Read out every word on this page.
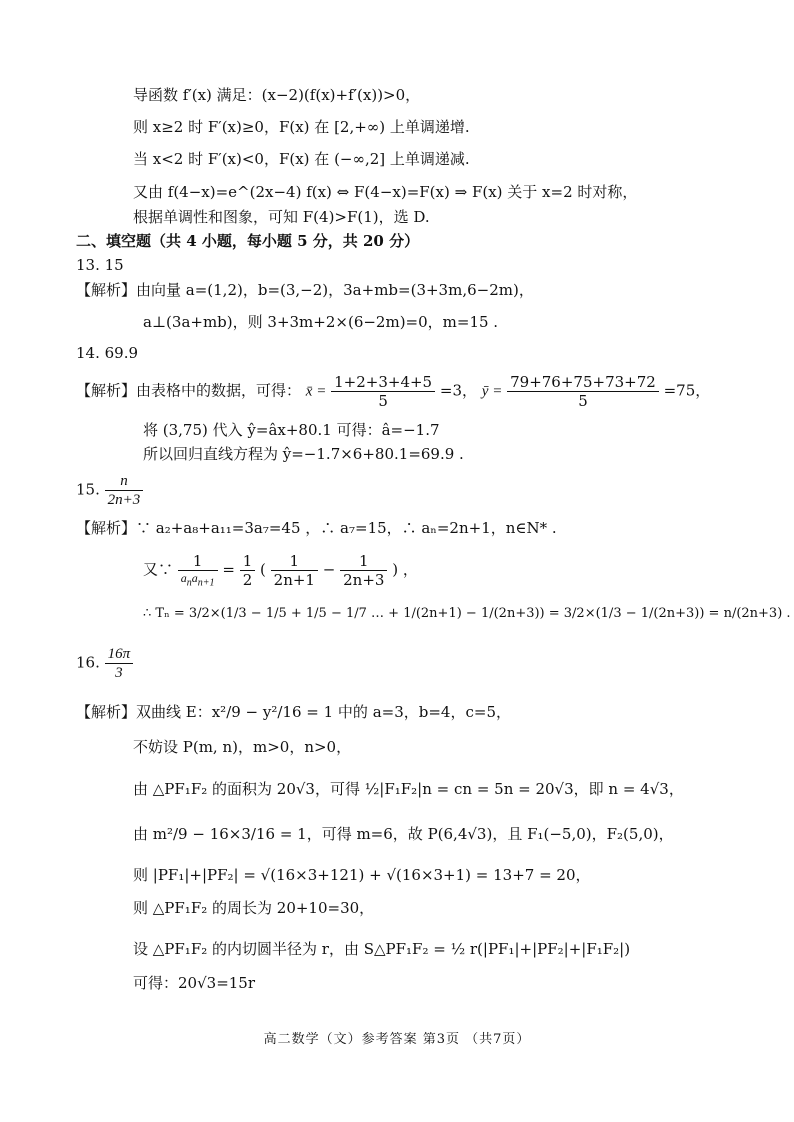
导函数 f′(x) 满足：(x−2)(f(x)+f′(x))>0，
则 x≥2 时 F′(x)≥0，F(x) 在 [2,+∞) 上单调递增.
当 x<2 时 F′(x)<0，F(x) 在 (−∞,2] 上单调递减.
又由 f(4−x)=e^(2x−4) f(x) ⇔ F(4−x)=F(x) ⇒ F(x) 关于 x=2 时对称，
根据单调性和图象，可知 F(4)>F(1)，选 D.
二、填空题（共 4 小题，每小题 5 分，共 20 分）
13. 15
【解析】由向量 a=(1,2)，b=(3,−2)，3a+mb=(3+3m,6−2m)，
a⊥(3a+mb)，则 3+3m+2×(6−2m)=0，m=15 .
14. 69.9
【解析】由表格中的数据，可得： x̄ = $\frac{1+2+3+4+5}{5} =3$， ȳ = $\frac{79+76+75+73+72}{5} =75$，
将 (3,75) 代入 ŷ=âx+80.1 可得：â=−1.7
所以回归直线方程为 ŷ=−1.7×6+80.1=69.9 .
15. $\frac{n}{2n+3}$
【解析】∵ a₂+a₈+a₁₁=3a₇=45 ，∴ a₇=15，∴ aₙ=2n+1，n∈N* .
又∵ $\frac{1}{a_na_{n+1}} = \frac{1}{2}$ ( $\frac{1}{2n+1} - \frac{1}{2n+3}$ ) ，
∴ Tₙ = 3/2×(1/3 − 1/5 + 1/5 − 1/7 … + 1/(2n+1) − 1/(2n+3)) = 3/2×(1/3 − 1/(2n+3)) = n/(2n+3) .
16. $\frac{16\pi}{3}$
【解析】双曲线 E：x²/9 − y²/16 = 1 中的 a=3，b=4，c=5，
不妨设 P(m, n)，m>0，n>0，
由 △PF₁F₂ 的面积为 20√3，可得 ½|F₁F₂|n = cn = 5n = 20√3，即 n = 4√3，
由 m²/9 − 16×3/16 = 1，可得 m=6，故 P(6,4√3)，且 F₁(−5,0)，F₂(5,0)，
则 |PF₁|+|PF₂| = √(16×3+121) + √(16×3+1) = 13+7 = 20，
则 △PF₁F₂ 的周长为 20+10=30，
设 △PF₁F₂ 的内切圆半径为 r，由 S△PF₁F₂ = ½ r(|PF₁|+|PF₂|+|F₁F₂|)
可得：20√3=15r
高二数学（文）参考答案 第3页 （共7页）
